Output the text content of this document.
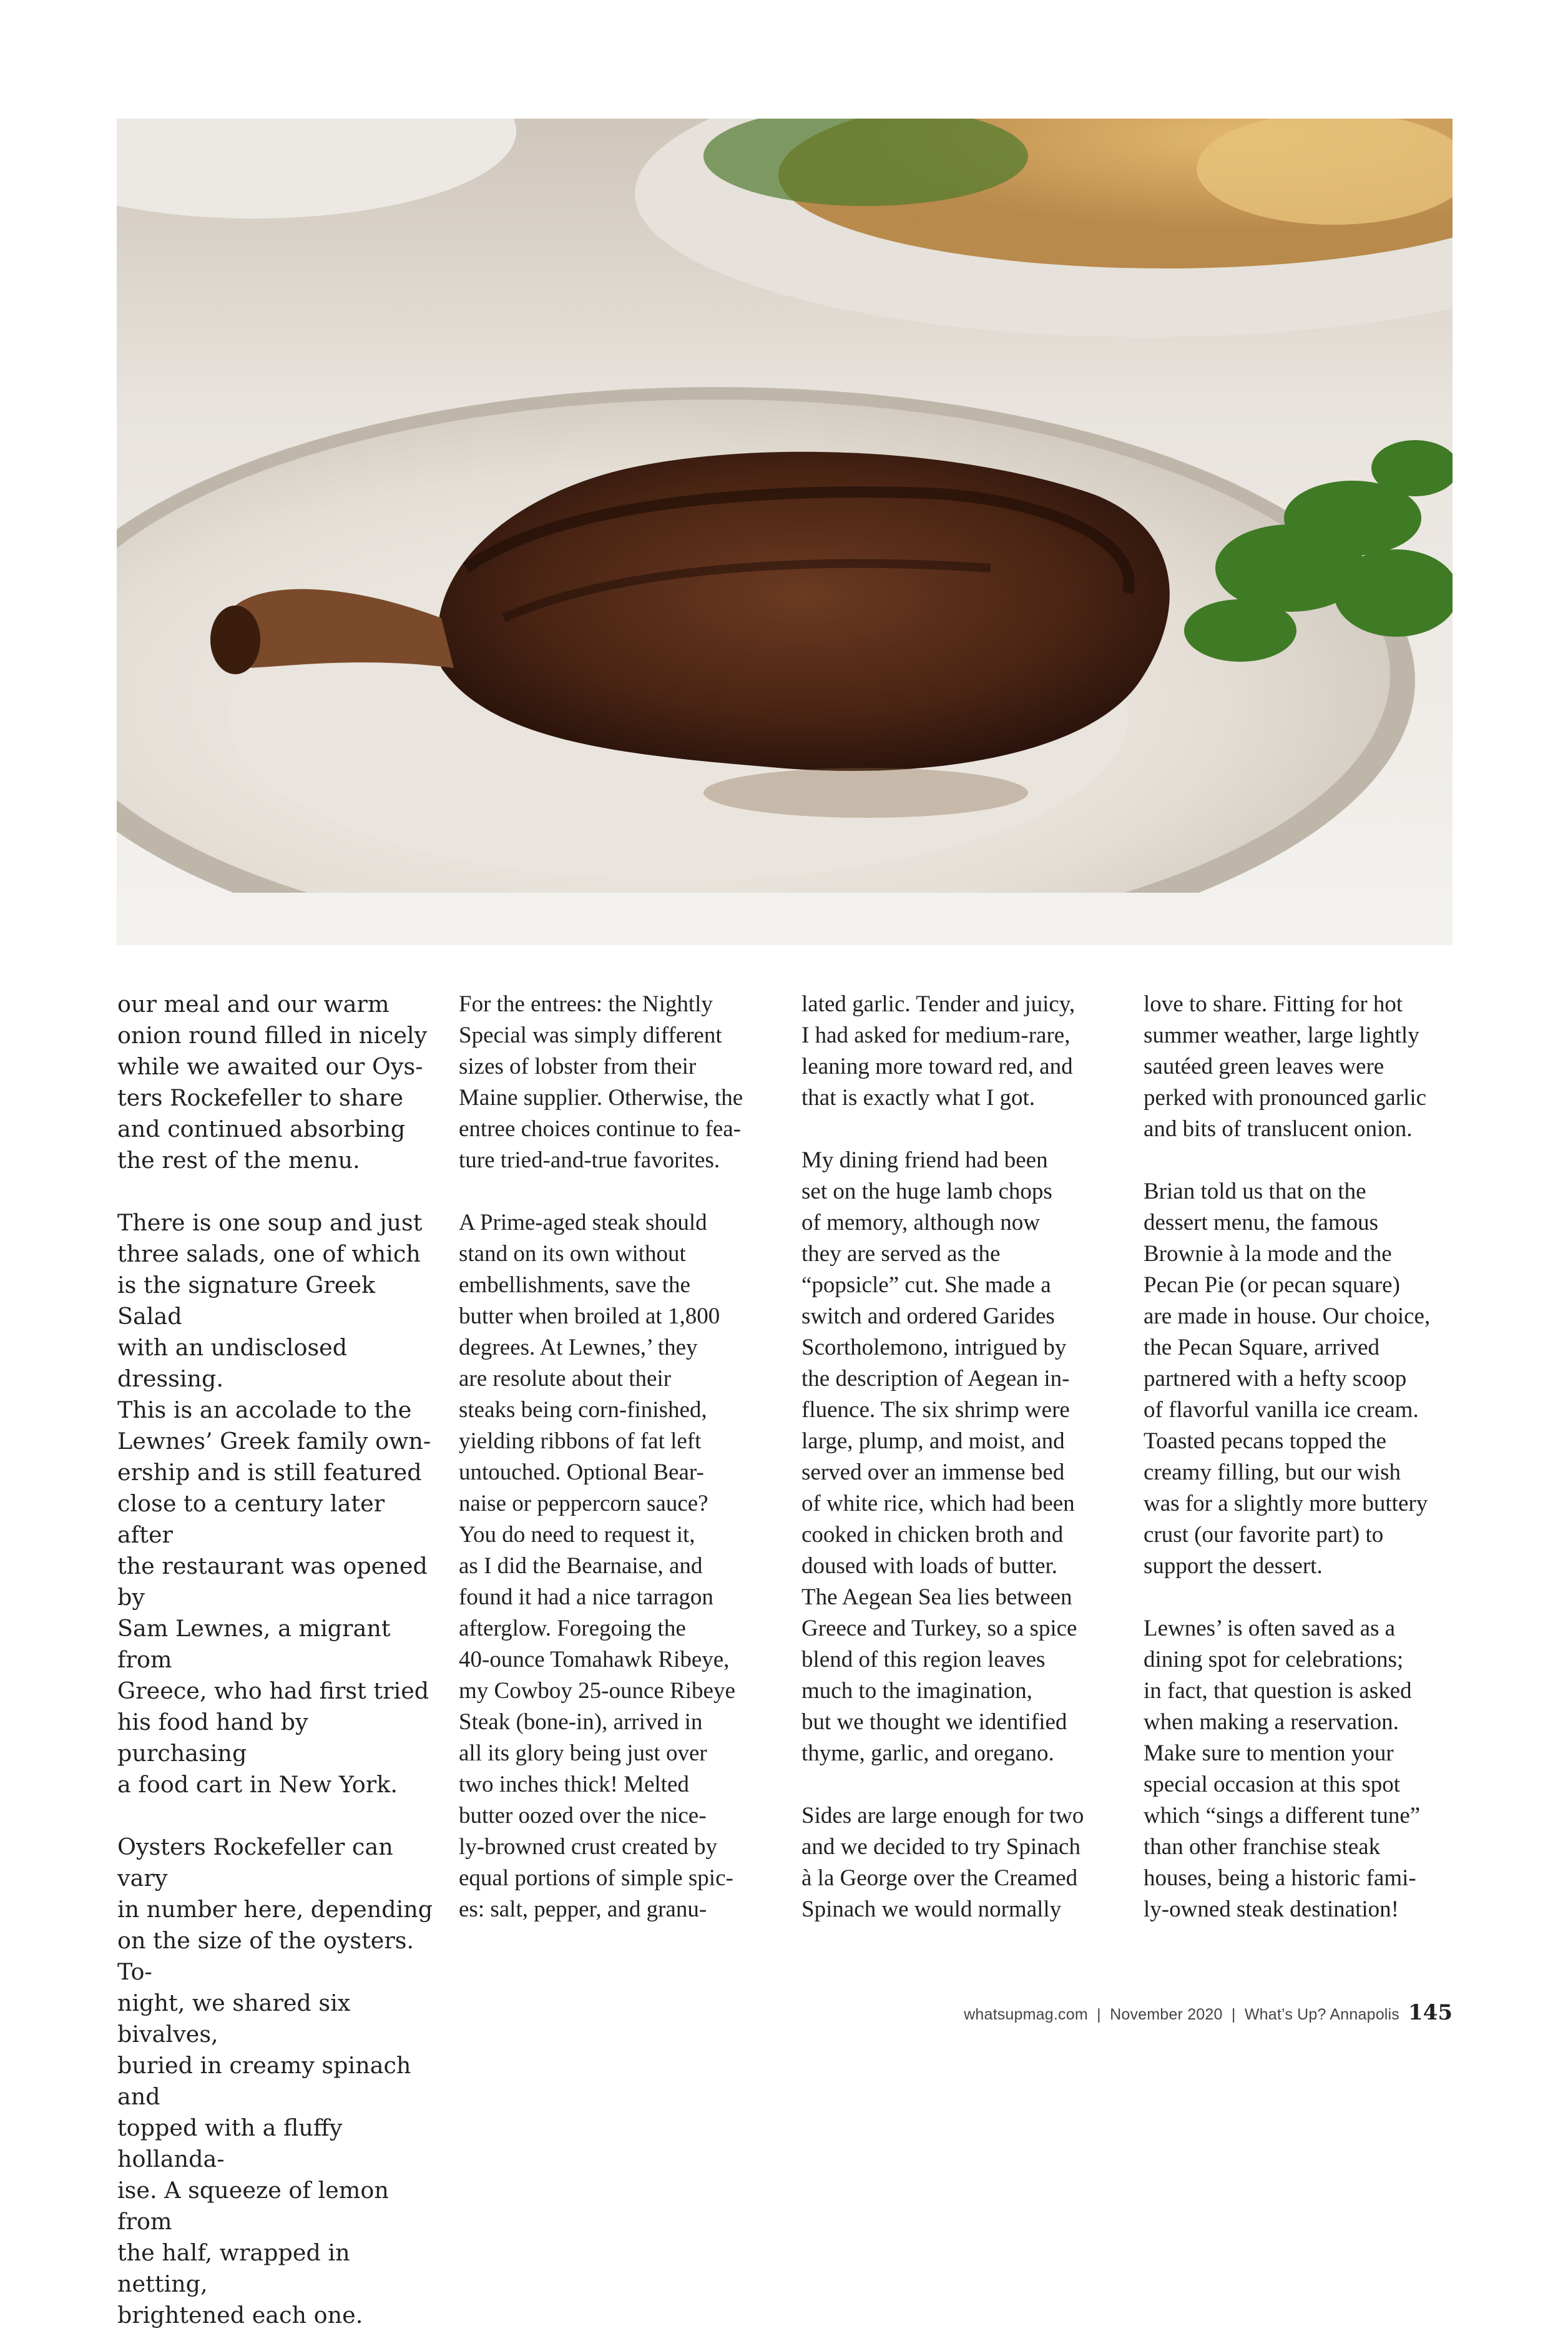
our meal and our warm
onion round filled in nicely
while we awaited our Oys-
ters Rockefeller to share
and continued absorbing
the rest of the menu.

There is one soup and just
three salads, one of which
is the signature Greek Salad
with an undisclosed dressing.
This is an accolade to the
Lewnes’ Greek family own-
ership and is still featured
close to a century later after
the restaurant was opened by
Sam Lewnes, a migrant from
Greece, who had first tried
his food hand by purchasing
a food cart in New York.

Oysters Rockefeller can vary
in number here, depending
on the size of the oysters. To-
night, we shared six bivalves,
buried in creamy spinach and
topped with a fluffy hollanda-
ise. A squeeze of lemon from
the half, wrapped in netting,
brightened each one.

For the entrees: the Nightly
Special was simply different
sizes of lobster from their
Maine supplier. Otherwise, the
entree choices continue to fea-
ture tried-and-true favorites.

A Prime-aged steak should
stand on its own without
embellishments, save the
butter when broiled at 1,800
degrees. At Lewnes,’ they
are resolute about their
steaks being corn-finished,
yielding ribbons of fat left
untouched. Optional Bear-
naise or peppercorn sauce?
You do need to request it,
as I did the Bearnaise, and
found it had a nice tarragon
afterglow. Foregoing the
40-ounce Tomahawk Ribeye,
my Cowboy 25-ounce Ribeye
Steak (bone-in), arrived in
all its glory being just over
two inches thick! Melted
butter oozed over the nice-
ly-browned crust created by
equal portions of simple spic-
es: salt, pepper, and granu-

lated garlic. Tender and juicy,
I had asked for medium-rare,
leaning more toward red, and
that is exactly what I got.

My dining friend had been
set on the huge lamb chops
of memory, although now
they are served as the
“popsicle” cut. She made a
switch and ordered Garides
Scortholemono, intrigued by
the description of Aegean in-
fluence. The six shrimp were
large, plump, and moist, and
served over an immense bed
of white rice, which had been
cooked in chicken broth and
doused with loads of butter.
The Aegean Sea lies between
Greece and Turkey, so a spice
blend of this region leaves
much to the imagination,
but we thought we identified
thyme, garlic, and oregano.

Sides are large enough for two
and we decided to try Spinach
à la George over the Creamed
Spinach we would normally

love to share. Fitting for hot
summer weather, large lightly
sautéed green leaves were
perked with pronounced garlic
and bits of translucent onion.

Brian told us that on the
dessert menu, the famous
Brownie à la mode and the
Pecan Pie (or pecan square)
are made in house. Our choice,
the Pecan Square, arrived
partnered with a hefty scoop
of flavorful vanilla ice cream.
Toasted pecans topped the
creamy filling, but our wish
was for a slightly more buttery
crust (our favorite part) to
support the dessert.

Lewnes’ is often saved as a
dining spot for celebrations;
in fact, that question is asked
when making a reservation.
Make sure to mention your
special occasion at this spot
which “sings a different tune”
than other franchise steak
houses, being a historic fami-
ly-owned steak destination!

whatsupmag.com  |  November 2020  |  What’s Up? Annapolis 145
